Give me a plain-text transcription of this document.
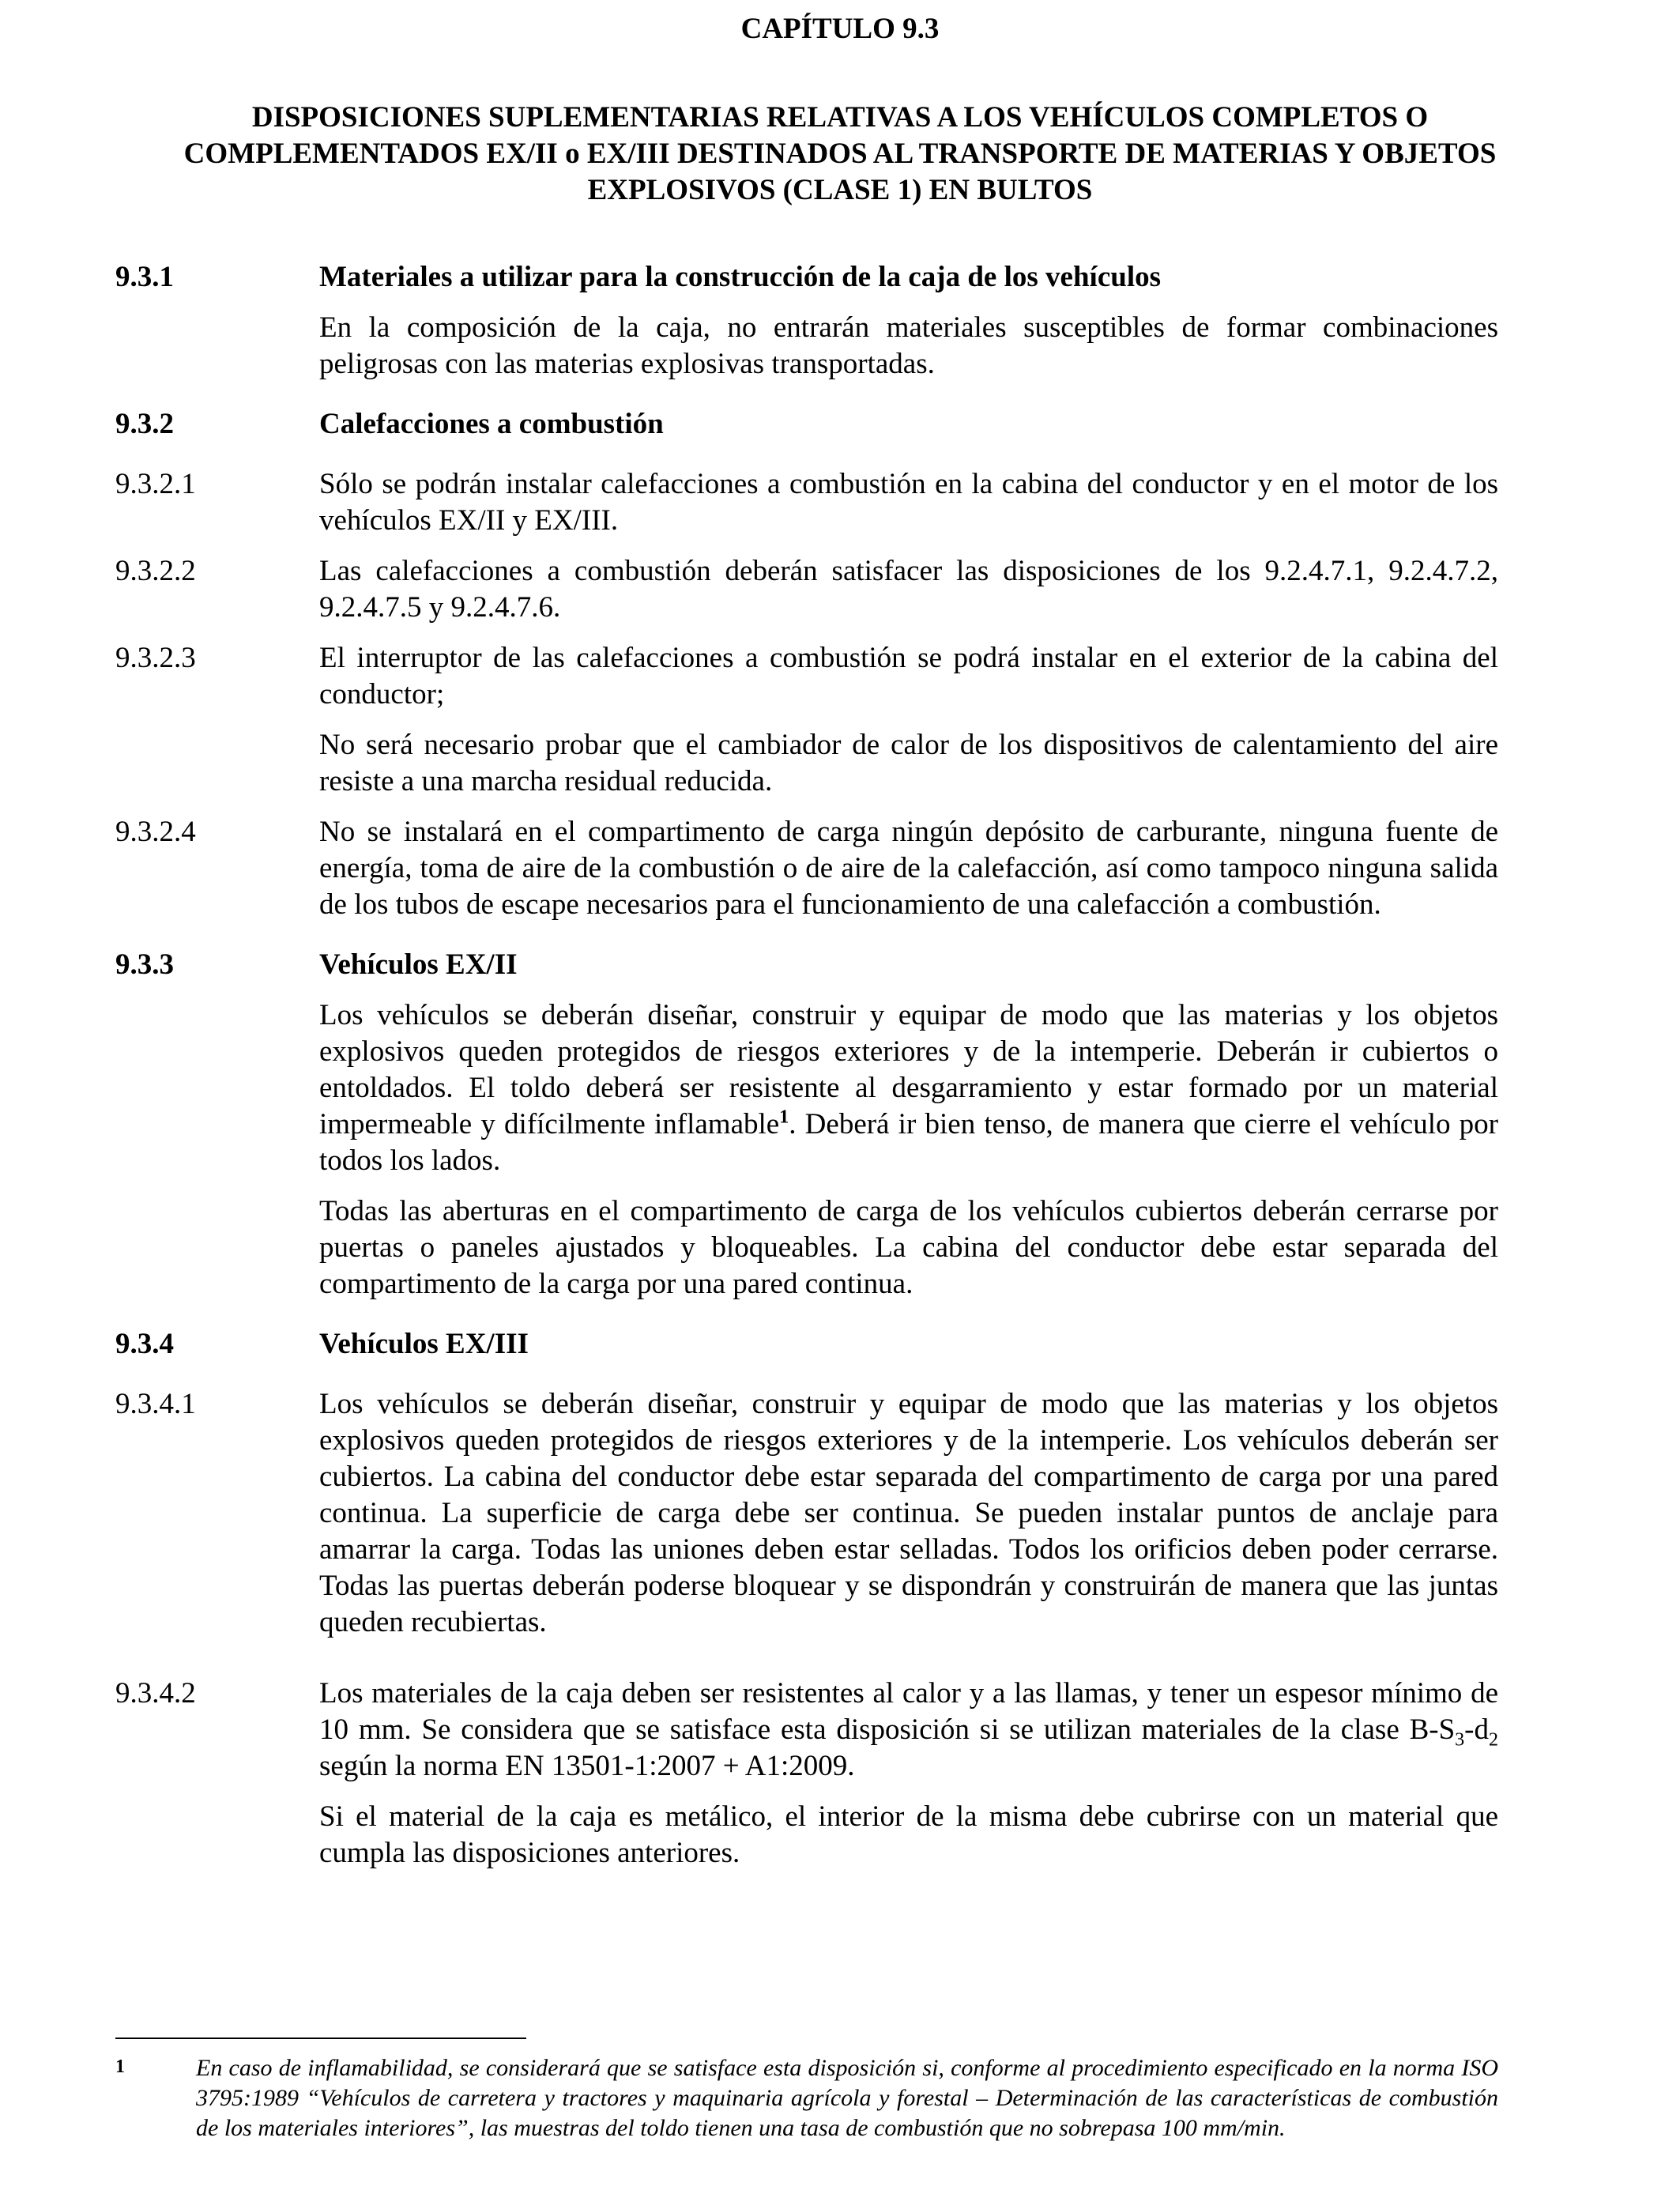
CAPÍTULO 9.3
DISPOSICIONES SUPLEMENTARIAS RELATIVAS A LOS VEHÍCULOS COMPLETOS O COMPLEMENTADOS EX/II o EX/III DESTINADOS AL TRANSPORTE DE MATERIAS Y OBJETOS EXPLOSIVOS (CLASE 1) EN BULTOS
9.3.1	Materiales a utilizar para la construcción de la caja de los vehículos
En la composición de la caja, no entrarán materiales susceptibles de formar combinaciones peligrosas con las materias explosivas transportadas.
9.3.2	Calefacciones a combustión
9.3.2.1	Sólo se podrán instalar calefacciones a combustión en la cabina del conductor y en el motor de los vehículos EX/II y EX/III.
9.3.2.2	Las calefacciones a combustión deberán satisfacer las disposiciones de los 9.2.4.7.1, 9.2.4.7.2, 9.2.4.7.5 y 9.2.4.7.6.
9.3.2.3	El interruptor de las calefacciones a combustión se podrá instalar en el exterior de la cabina del conductor;
No será necesario probar que el cambiador de calor de los dispositivos de calentamiento del aire resiste a una marcha residual reducida.
9.3.2.4	No se instalará en el compartimento de carga ningún depósito de carburante, ninguna fuente de energía, toma de aire de la combustión o de aire de la calefacción, así como tampoco ninguna salida de los tubos de escape necesarios para el funcionamiento de una calefacción a combustión.
9.3.3	Vehículos EX/II
Los vehículos se deberán diseñar, construir y equipar de modo que las materias y los objetos explosivos queden protegidos de riesgos exteriores y de la intemperie. Deberán ir cubiertos o entoldados. El toldo deberá ser resistente al desgarramiento y estar formado por un material impermeable y difícilmente inflamable$^1$. Deberá ir bien tenso, de manera que cierre el vehículo por todos los lados.
Todas las aberturas en el compartimento de carga de los vehículos cubiertos deberán cerrarse por puertas o paneles ajustados y bloqueables. La cabina del conductor debe estar separada del compartimento de la carga por una pared continua.
9.3.4	Vehículos EX/III
9.3.4.1	Los vehículos se deberán diseñar, construir y equipar de modo que las materias y los objetos explosivos queden protegidos de riesgos exteriores y de la intemperie. Los vehículos deberán ser cubiertos. La cabina del conductor debe estar separada del compartimento de carga por una pared continua. La superficie de carga debe ser continua. Se pueden instalar puntos de anclaje para amarrar la carga. Todas las uniones deben estar selladas. Todos los orificios deben poder cerrarse. Todas las puertas deberán poderse bloquear y se dispondrán y construirán de manera que las juntas queden recubiertas.
9.3.4.2	Los materiales de la caja deben ser resistentes al calor y a las llamas, y tener un espesor mínimo de 10 mm. Se considera que se satisface esta disposición si se utilizan materiales de la clase $B-S_3-d_2$ según la norma EN 13501-1:2007 + A1:2009.
Si el material de la caja es metálico, el interior de la misma debe cubrirse con un material que cumpla las disposiciones anteriores.
1	En caso de inflamabilidad, se considerará que se satisface esta disposición si, conforme al procedimiento especificado en la norma ISO 3795:1989 “Vehículos de carretera y tractores y maquinaria agrícola y forestal – Determinación de las características de combustión de los materiales interiores”, las muestras del toldo tienen una tasa de combustión que no sobrepasa 100 mm/min.
